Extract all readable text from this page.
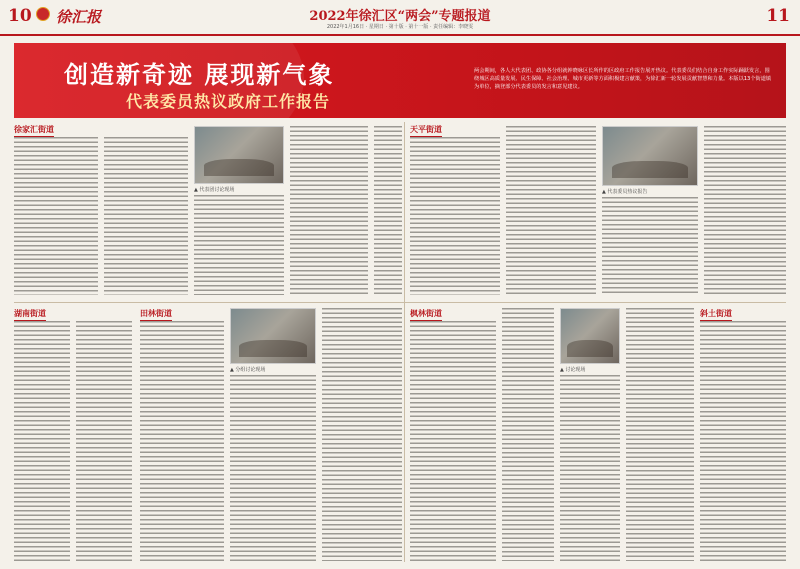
10 徐汇报	2022年徐汇区“两会”专题报道
2022年1月16日 · 星期日 · 第十版 · 第十一版 · 责任编辑：李晓雯
11
创造新奇迹 展现新气象
代表委员热议政府工作报告
两会期间，各人大代表团、政协各分组就钟晓咏区长所作的区政府工作报告展开热议。代表委员们结合自身工作实际踊跃发言，围绕城区高质量发展、民生保障、社会治理、城市更新等方面积极建言献策，为徐汇新一轮发展贡献智慧和力量。本版以13个街道镇为单位，摘登部分代表委员的发言和意见建议。
徐家汇街道
▲ 代表团讨论现场
天平街道
▲ 代表委员热议报告
湖南街道	田林街道
▲ 分组讨论现场
枫林街道
▲ 讨论现场
斜土街道
